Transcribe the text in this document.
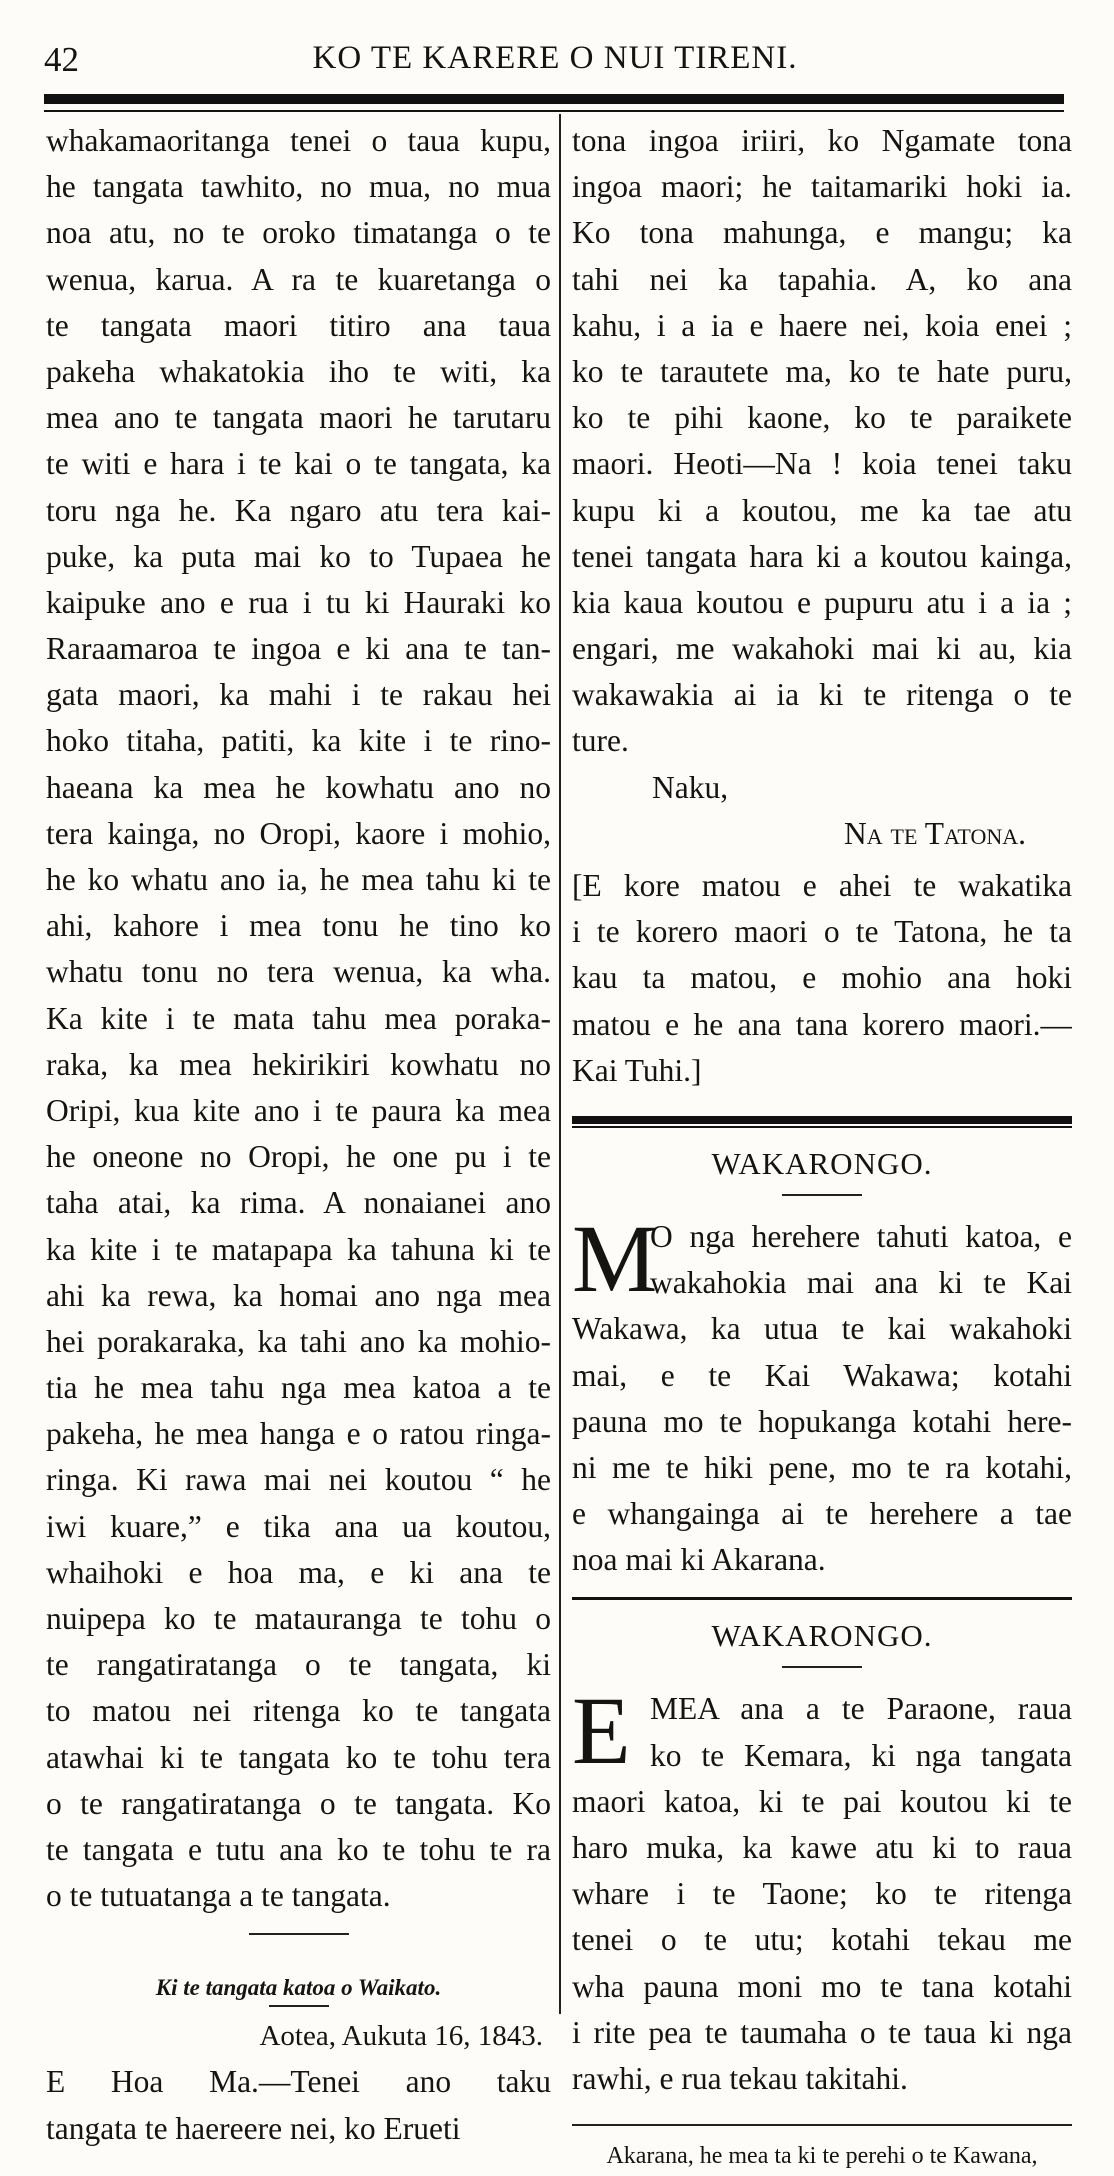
42	KO TE KARERE O NUI TIRENI.
whakamaoritanga tenei o taua kupu,
he tangata tawhito, no mua, no mua
noa atu, no te oroko timatanga o te
wenua, karua. A ra te kuaretanga o
te tangata maori titiro ana taua
pakeha whakatokia iho te witi, ka
mea ano te tangata maori he tarutaru
te witi e hara i te kai o te tangata, ka
toru nga he. Ka ngaro atu tera kai-
puke, ka puta mai ko to Tupaea he
kaipuke ano e rua i tu ki Hauraki ko
Raraamaroa te ingoa e ki ana te tan-
gata maori, ka mahi i te rakau hei
hoko titaha, patiti, ka kite i te rino-
haeana ka mea he kowhatu ano no
tera kainga, no Oropi, kaore i mohio,
he ko whatu ano ia, he mea tahu ki te
ahi, kahore i mea tonu he tino ko
whatu tonu no tera wenua, ka wha.
Ka kite i te mata tahu mea poraka-
raka, ka mea hekirikiri kowhatu no
Oripi, kua kite ano i te paura ka mea
he oneone no Oropi, he one pu i te
taha atai, ka rima. A nonaianei ano
ka kite i te matapapa ka tahuna ki te
ahi ka rewa, ka homai ano nga mea
hei porakaraka, ka tahi ano ka mohio-
tia he mea tahu nga mea katoa a te
pakeha, he mea hanga e o ratou ringa-
ringa. Ki rawa mai nei koutou “ he
iwi kuare,” e tika ana ua koutou,
whaihoki e hoa ma, e ki ana te
nuipepa ko te matauranga te tohu o
te rangatiratanga o te tangata, ki
to matou nei ritenga ko te tangata
atawhai ki te tangata ko te tohu tera
o te rangatiratanga o te tangata. Ko
te tangata e tutu ana ko te tohu te ra
o te tutuatanga a te tangata.
Ki te tangata katoa o Waikato.
Aotea, Aukuta 16, 1843.
E Hoa Ma.—Tenei ano taku
tangata te haereere nei, ko Erueti
tona ingoa iriiri, ko Ngamate tona
ingoa maori; he taitamariki hoki ia.
Ko tona mahunga, e mangu; ka
tahi nei ka tapahia. A, ko ana
kahu, i a ia e haere nei, koia enei ;
ko te tarautete ma, ko te hate puru,
ko te pihi kaone, ko te paraikete
maori. Heoti—Na ! koia tenei taku
kupu ki a koutou, me ka tae atu
tenei tangata hara ki a koutou kainga,
kia kaua koutou e pupuru atu i a ia ;
engari, me wakahoki mai ki au, kia
wakawakia ai ia ki te ritenga o te
ture.
Naku,
Na te Tatona.
[E kore matou e ahei te wakatika
i te korero maori o te Tatona, he ta
kau ta matou, e mohio ana hoki
matou e he ana tana korero maori.—
Kai Tuhi.]
WAKARONGO.
M
O nga herehere tahuti katoa, e
wakahokia mai ana ki te Kai
Wakawa, ka utua te kai wakahoki
mai, e te Kai Wakawa; kotahi
pauna mo te hopukanga kotahi here-
ni me te hiki pene, mo te ra kotahi,
e whangainga ai te herehere a tae
noa mai ki Akarana.
WAKARONGO.
E MEA ana a te Paraone, raua
ko te Kemara, ki nga tangata
maori katoa, ki te pai koutou ki te
haro muka, ka kawe atu ki to raua
whare i te Taone; ko te ritenga
tenei o te utu; kotahi tekau me
wha pauna moni mo te tana kotahi
i rite pea te taumaha o te taua ki nga
rawhi, e rua tekau takitahi.
Akarana, he mea ta ki te perehi o te Kawana,
